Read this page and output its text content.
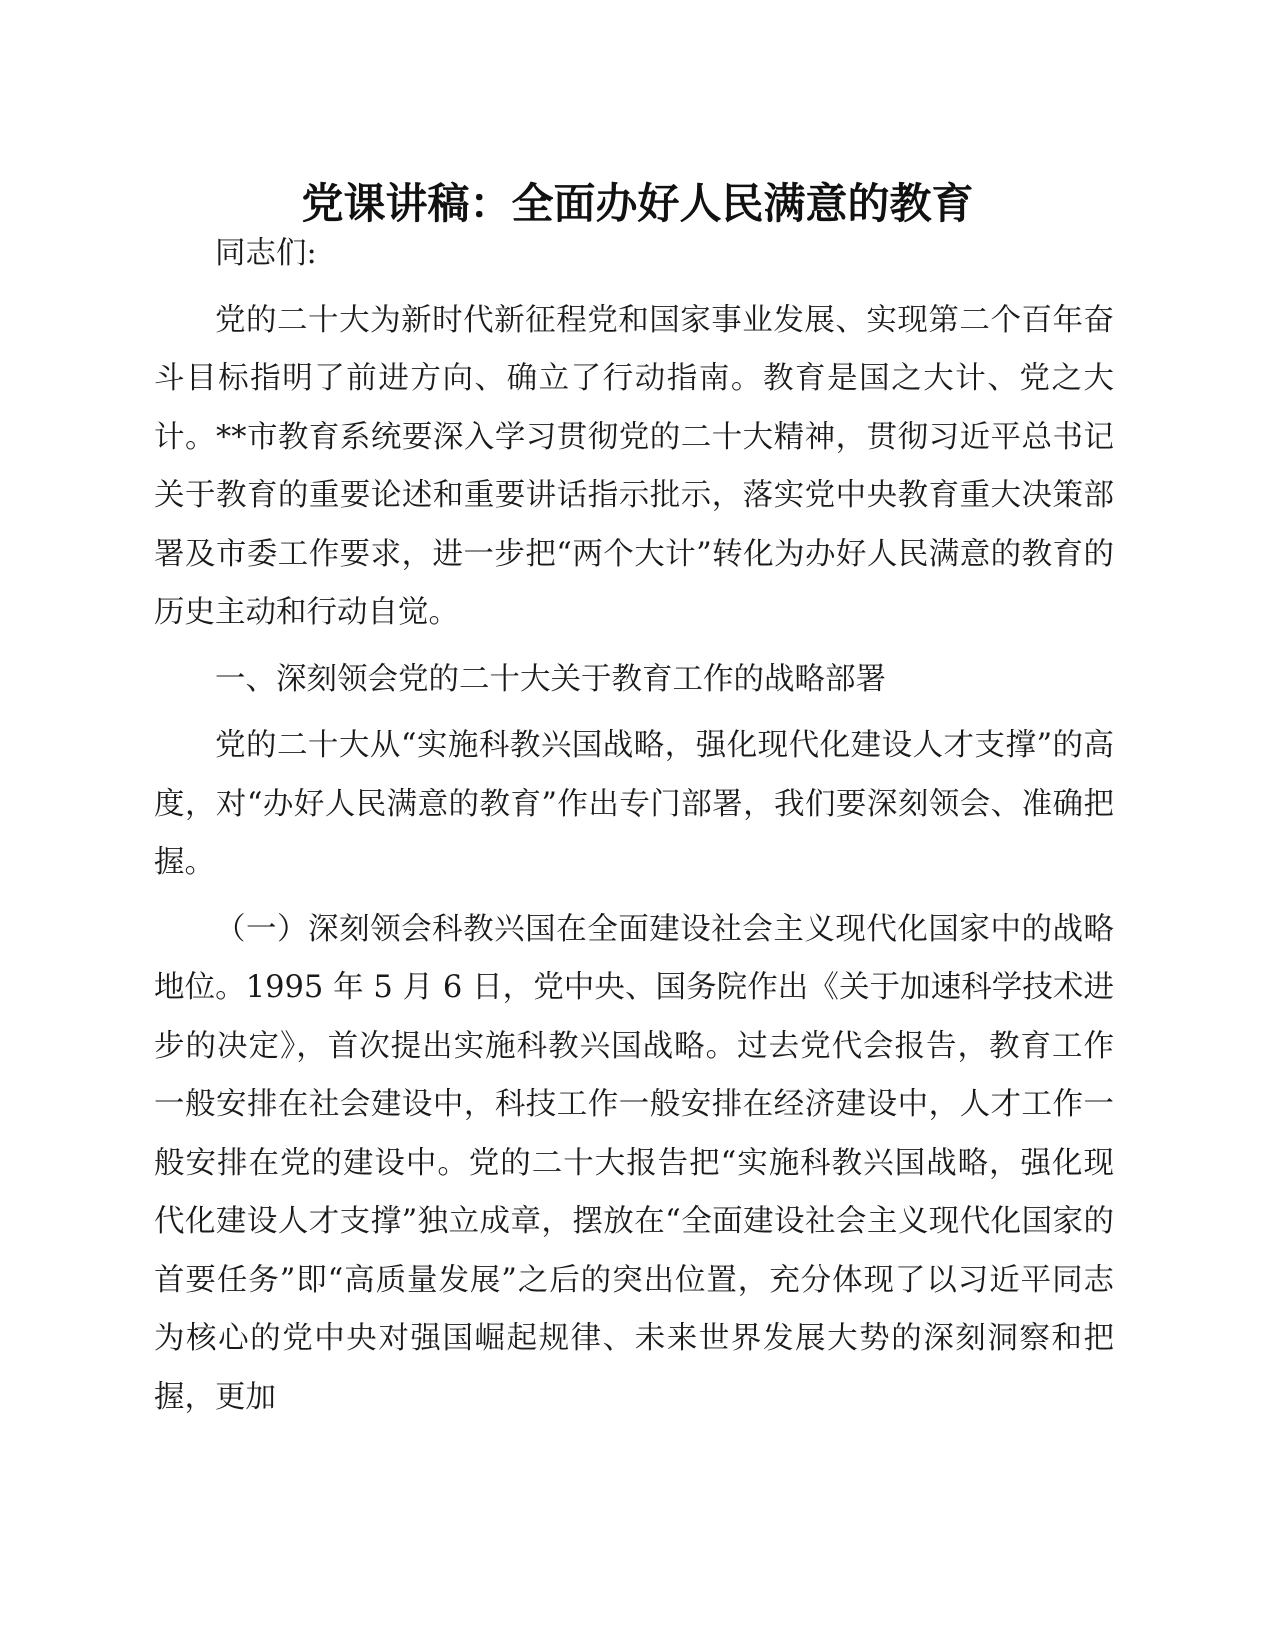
党课讲稿：全面办好人民满意的教育

同志们:

党的二十大为新时代新征程党和国家事业发展、实现第二个百年奋斗目标指明了前进方向、确立了行动指南。教育是国之大计、党之大计。**市教育系统要深入学习贯彻党的二十大精神，贯彻习近平总书记关于教育的重要论述和重要讲话指示批示，落实党中央教育重大决策部署及市委工作要求，进一步把“两个大计”转化为办好人民满意的教育的历史主动和行动自觉。

一、深刻领会党的二十大关于教育工作的战略部署

党的二十大从“实施科教兴国战略，强化现代化建设人才支撑”的高度，对“办好人民满意的教育”作出专门部署，我们要深刻领会、准确把握。

（一）深刻领会科教兴国在全面建设社会主义现代化国家中的战略地位。1995 年 5 月 6 日，党中央、国务院作出《关于加速科学技术进步的决定》，首次提出实施科教兴国战略。过去党代会报告，教育工作一般安排在社会建设中，科技工作一般安排在经济建设中，人才工作一般安排在党的建设中。党的二十大报告把“实施科教兴国战略，强化现代化建设人才支撑”独立成章，摆放在“全面建设社会主义现代化国家的首要任务”即“高质量发展”之后的突出位置，充分体现了以习近平同志为核心的党中央对强国崛起规律、未来世界发展大势的深刻洞察和把握，更加
